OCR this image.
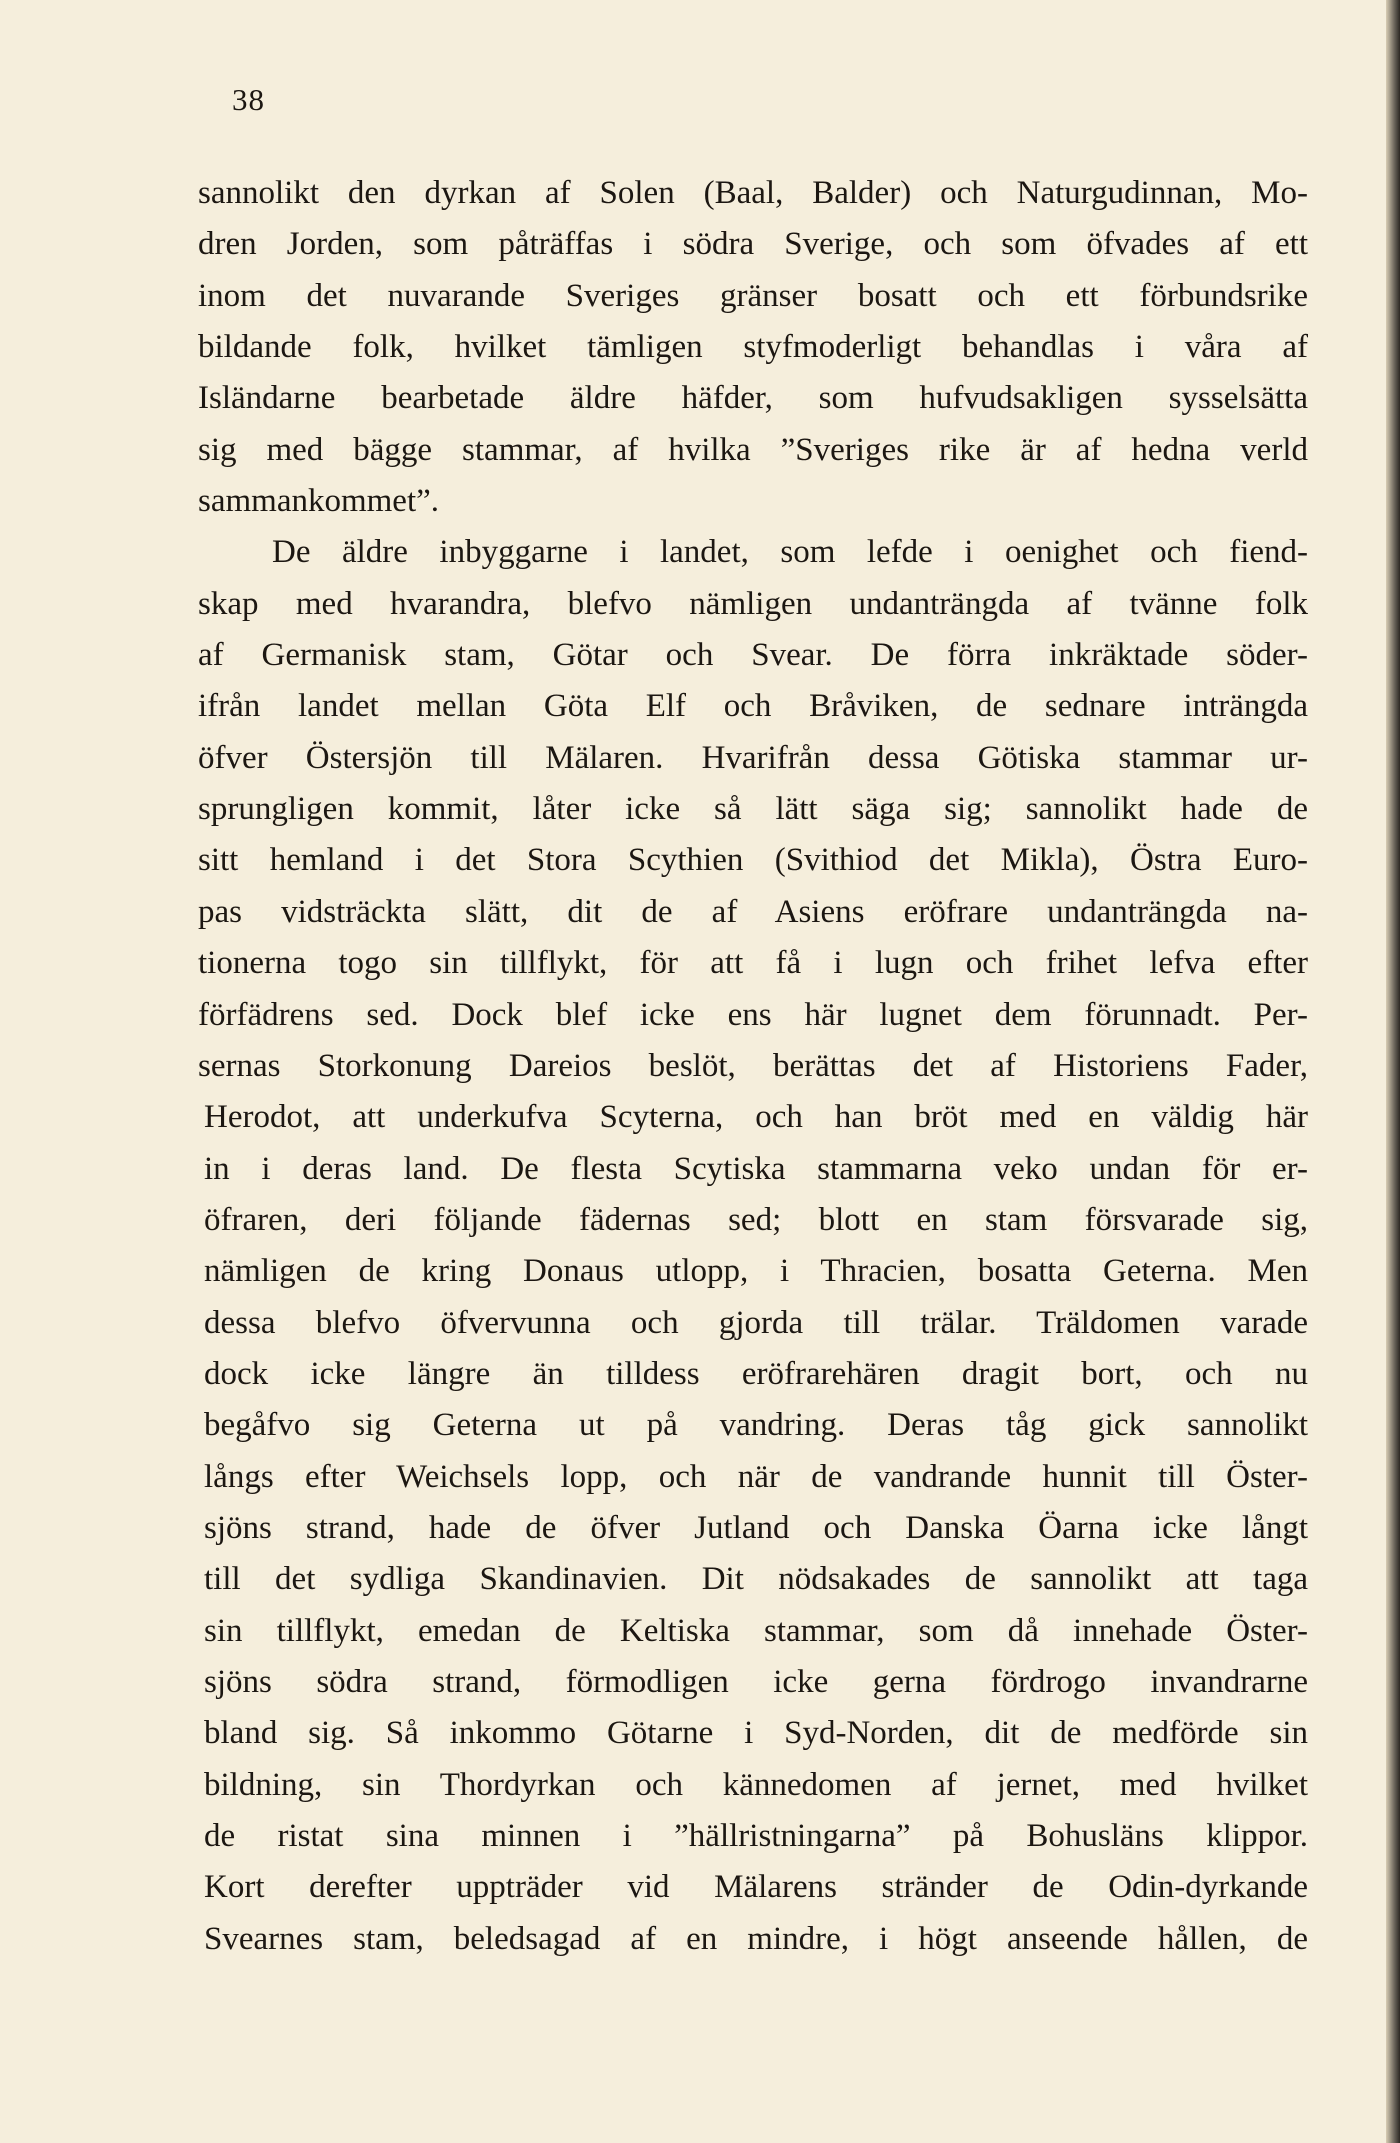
38
sannolikt den dyrkan af Solen (Baal, Balder) och Naturgudinnan, Mo-
dren Jorden, som påträffas i södra Sverige, och som öfvades af ett
inom det nuvarande Sveriges gränser bosatt och ett förbundsrike
bildande folk, hvilket tämligen styfmoderligt behandlas i våra af
Isländarne bearbetade äldre häfder, som hufvudsakligen sysselsätta
sig med bägge stammar, af hvilka ”Sveriges rike är af hedna verld
sammankommet”.
De äldre inbyggarne i landet, som lefde i oenighet och fiend-
skap med hvarandra, blefvo nämligen undanträngda af tvänne folk
af Germanisk stam, Götar och Svear. De förra inkräktade söder-
ifrån landet mellan Göta Elf och Bråviken, de sednare inträngda
öfver Östersjön till Mälaren. Hvarifrån dessa Götiska stammar ur-
sprungligen kommit, låter icke så lätt säga sig; sannolikt hade de
sitt hemland i det Stora Scythien (Svithiod det Mikla), Östra Euro-
pas vidsträckta slätt, dit de af Asiens eröfrare undanträngda na-
tionerna togo sin tillflykt, för att få i lugn och frihet lefva efter
förfädrens sed. Dock blef icke ens här lugnet dem förunnadt. Per-
sernas Storkonung Dareios beslöt, berättas det af Historiens Fader,
Herodot, att underkufva Scyterna, och han bröt med en väldig här
in i deras land. De flesta Scytiska stammarna veko undan för er-
öfraren, deri följande fädernas sed; blott en stam försvarade sig,
nämligen de kring Donaus utlopp, i Thracien, bosatta Geterna. Men
dessa blefvo öfvervunna och gjorda till trälar. Träldomen varade
dock icke längre än tilldess eröfrarehären dragit bort, och nu
begåfvo sig Geterna ut på vandring. Deras tåg gick sannolikt
långs efter Weichsels lopp, och när de vandrande hunnit till Öster-
sjöns strand, hade de öfver Jutland och Danska Öarna icke långt
till det sydliga Skandinavien. Dit nödsakades de sannolikt att taga
sin tillflykt, emedan de Keltiska stammar, som då innehade Öster-
sjöns södra strand, förmodligen icke gerna fördrogo invandrarne
bland sig. Så inkommo Götarne i Syd-Norden, dit de medförde sin
bildning, sin Thordyrkan och kännedomen af jernet, med hvilket
de ristat sina minnen i ”hällristningarna” på Bohusläns klippor.
Kort derefter uppträder vid Mälarens stränder de Odin-dyrkande
Svearnes stam, beledsagad af en mindre, i högt anseende hållen, de
